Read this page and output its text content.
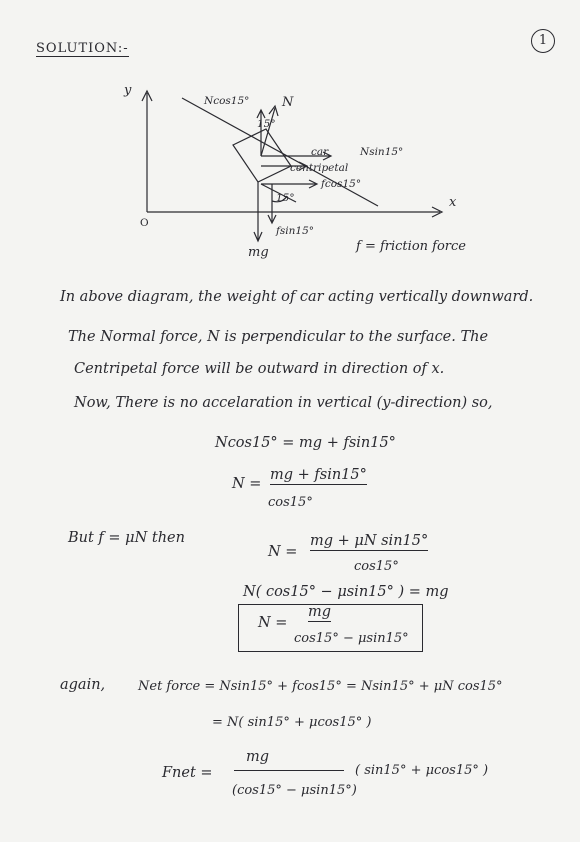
SOLUTION:-
1
y
x
O
Ncos15°	N
15°
car	Nsin15°
centripetal
fcos15°
15°
fsin15°
mg	f = friction force
In above diagram, the weight of car acting vertically downward.
The Normal force, N is perpendicular to the surface. The
Centripetal force will be outward in direction of x.
Now, There is no accelaration in vertical (y-direction) so,
Ncos15° = mg + fsin15°
N =
mg + fsin15°
cos15°
But f = μN then
N =
mg + μN sin15°
cos15°
N( cos15° − μsin15° ) = mg
N =
mg
cos15° − μsin15°
again,	Net force = Nsin15° + fcos15° = Nsin15° + μN cos15°
= N( sin15° + μcos15° )
Fnet =
mg
(cos15° − μsin15°)
( sin15° + μcos15° )
